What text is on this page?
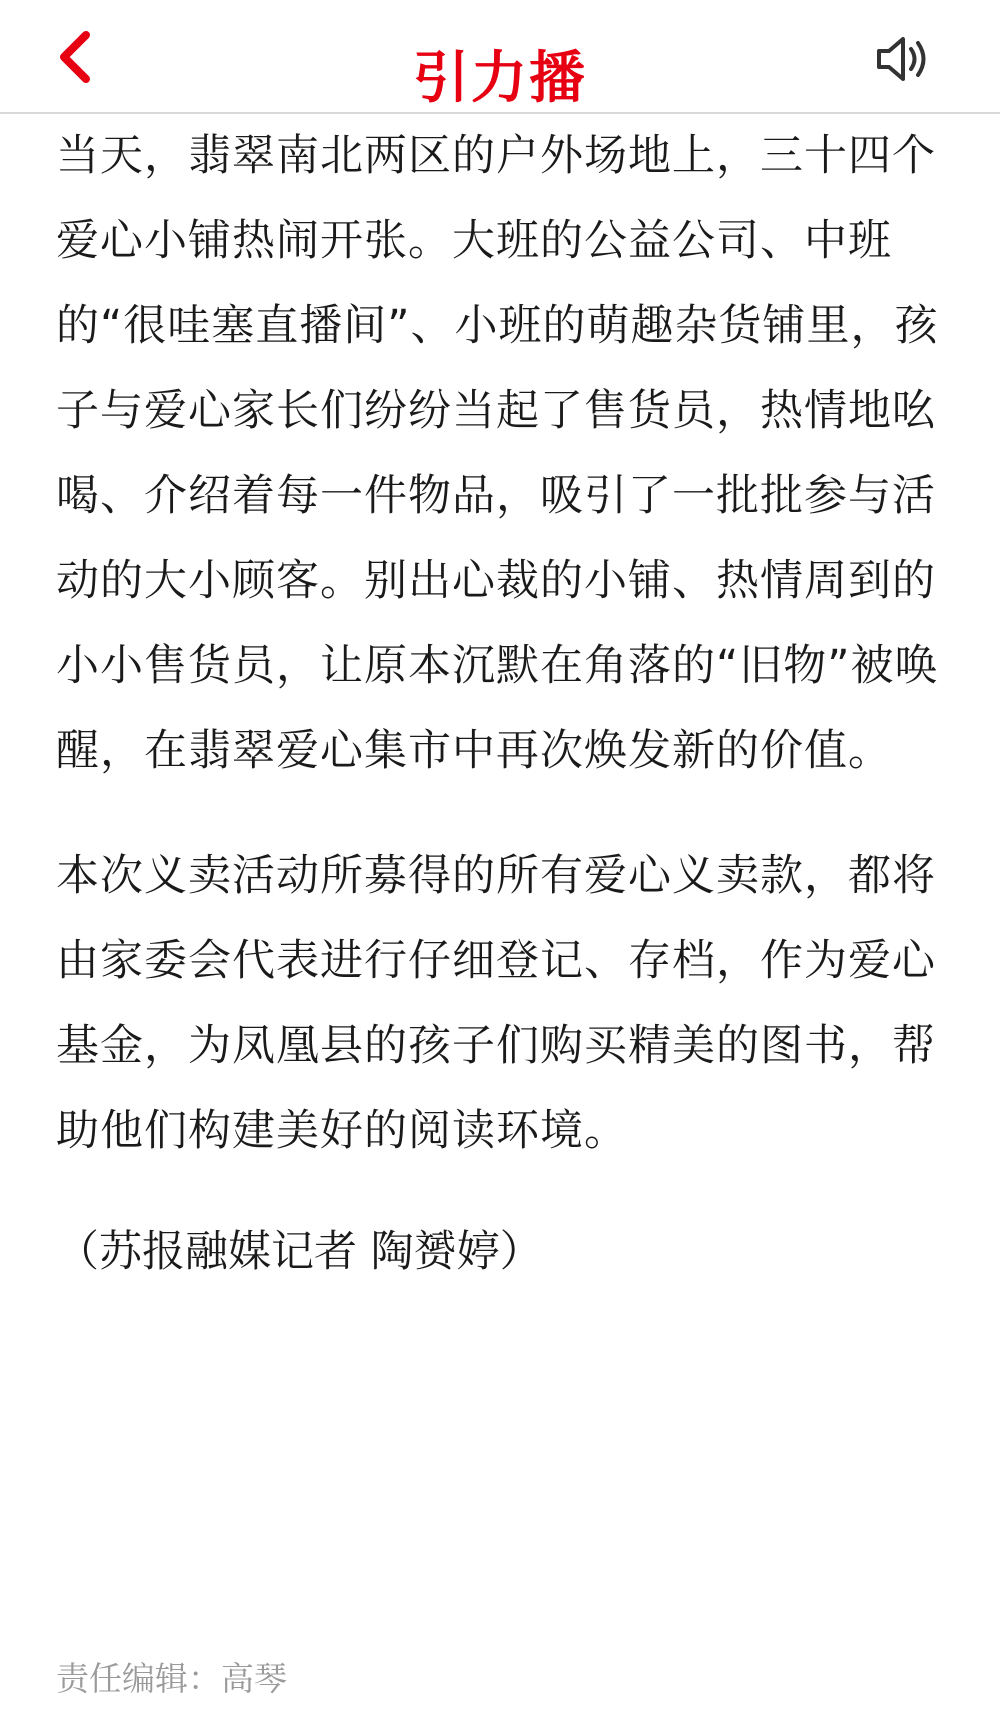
引力播

当天，翡翠南北两区的户外场地上，三十四个爱心小铺热闹开张。大班的公益公司、中班的“很哇塞直播间”、小班的萌趣杂货铺里，孩子与爱心家长们纷纷当起了售货员，热情地吆喝、介绍着每一件物品，吸引了一批批参与活动的大小顾客。别出心裁的小铺、热情周到的小小售货员，让原本沉默在角落的“旧物”被唤醒，在翡翠爱心集市中再次焕发新的价值。

本次义卖活动所募得的所有爱心义卖款，都将由家委会代表进行仔细登记、存档，作为爱心基金，为凤凰县的孩子们购买精美的图书，帮助他们构建美好的阅读环境。

（苏报融媒记者 陶赟婷）

责任编辑：高琴
